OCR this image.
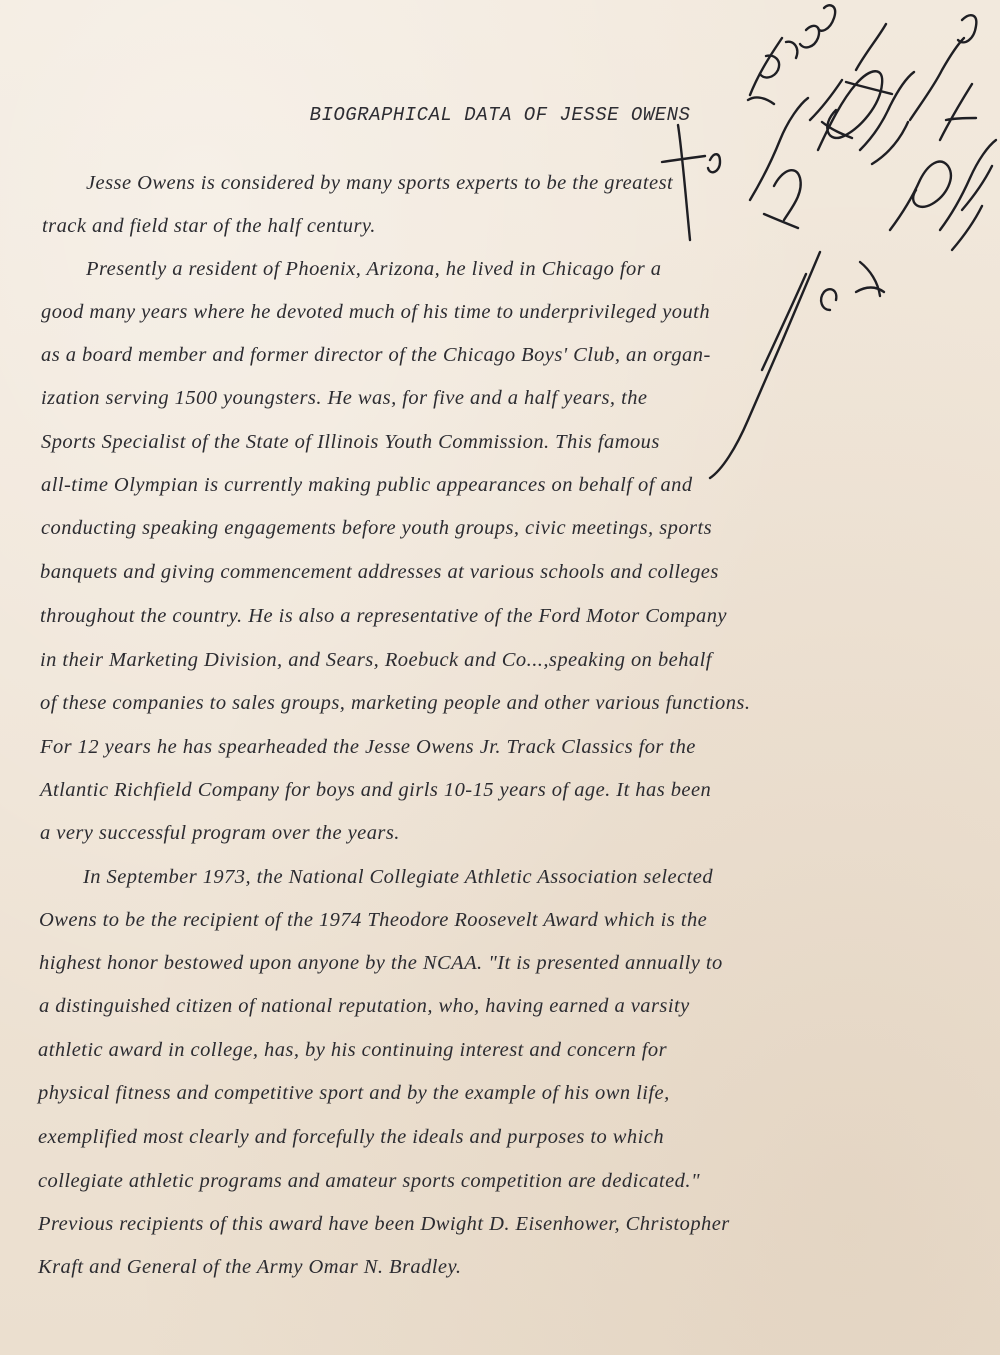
BIOGRAPHICAL DATA OF JESSE OWENS
Jesse Owens is considered by many sports experts to be the greatest
track and field star of the half century.
Presently a resident of Phoenix, Arizona, he lived in Chicago for a
good many years where he devoted much of his time to underprivileged youth
as a board member and former director of the Chicago Boys' Club, an organ-
ization serving 1500 youngsters. He was, for five and a half years, the
Sports Specialist of the State of Illinois Youth Commission. This famous
all-time Olympian is currently making public appearances on behalf of and
conducting speaking engagements before youth groups, civic meetings, sports
banquets and giving commencement addresses at various schools and colleges
throughout the country. He is also a representative of the Ford Motor Company
in their Marketing Division, and Sears, Roebuck and Co...,speaking on behalf
of these companies to sales groups, marketing people and other various functions.
For 12 years he has spearheaded the Jesse Owens Jr. Track Classics for the
Atlantic Richfield Company for boys and girls 10-15 years of age. It has been
a very successful program over the years.
In September 1973, the National Collegiate Athletic Association selected
Owens to be the recipient of the 1974 Theodore Roosevelt Award which is the
highest honor bestowed upon anyone by the NCAA. "It is presented annually to
a distinguished citizen of national reputation, who, having earned a varsity
athletic award in college, has, by his continuing interest and concern for
physical fitness and competitive sport and by the example of his own life,
exemplified most clearly and forcefully the ideals and purposes to which
collegiate athletic programs and amateur sports competition are dedicated."
Previous recipients of this award have been Dwight D. Eisenhower, Christopher
Kraft and General of the Army Omar N. Bradley.
